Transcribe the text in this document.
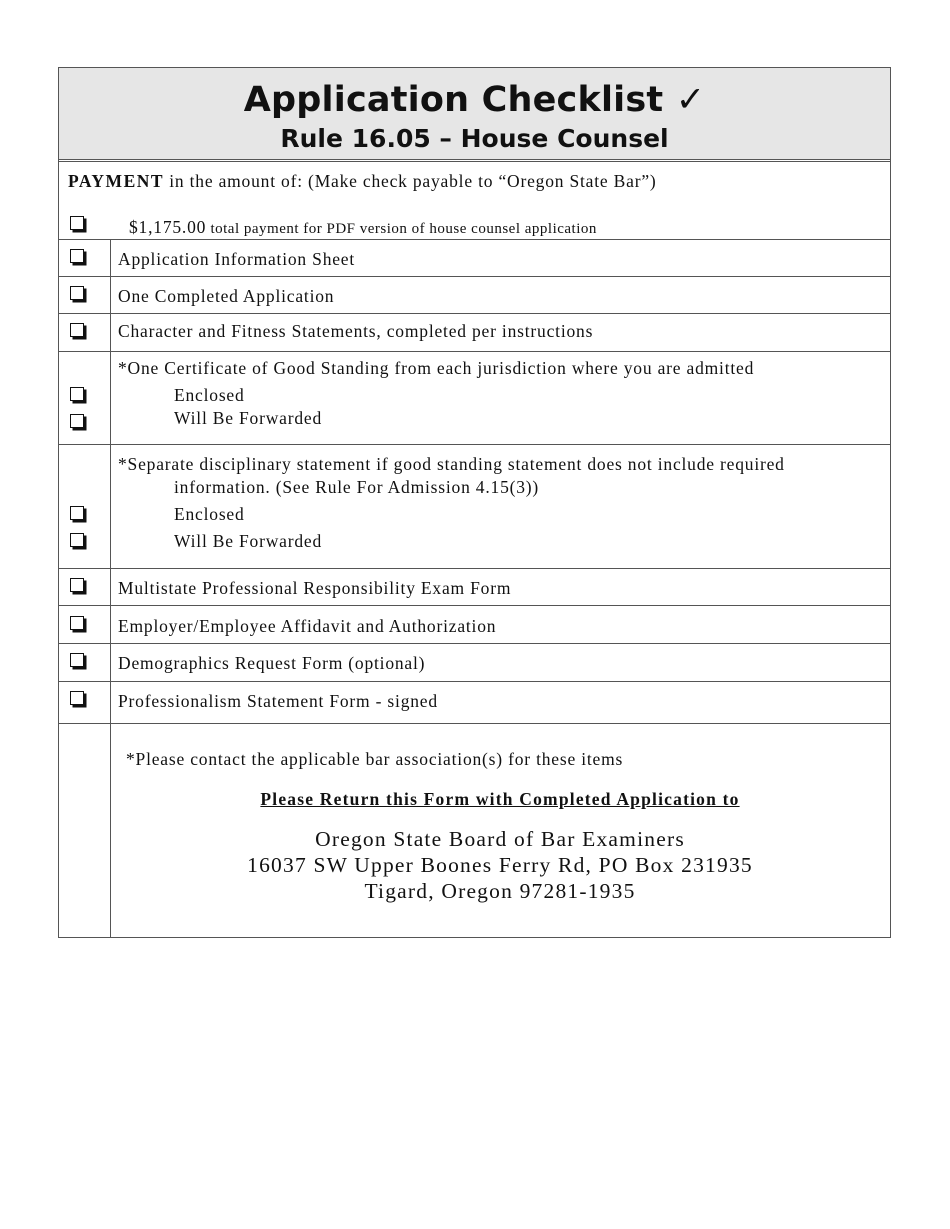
Application Checklist ✓
Rule 16.05 – House Counsel
PAYMENT in the amount of: (Make check payable to “Oregon State Bar”)
$1,175.00 total payment for PDF version of house counsel application
Application Information Sheet
One Completed Application
Character and Fitness Statements, completed per instructions
*One Certificate of Good Standing from each jurisdiction where you are admitted
Enclosed
Will Be Forwarded
*Separate disciplinary statement if good standing statement does not include required
information. (See Rule For Admission 4.15(3))
Enclosed
Will Be Forwarded
Multistate Professional Responsibility Exam Form
Employer/Employee Affidavit and Authorization
Demographics Request Form (optional)
Professionalism Statement Form - signed
*Please contact the applicable bar association(s) for these items
Please Return this Form with Completed Application to
Oregon State Board of Bar Examiners
16037 SW Upper Boones Ferry Rd, PO Box 231935
Tigard, Oregon 97281-1935
